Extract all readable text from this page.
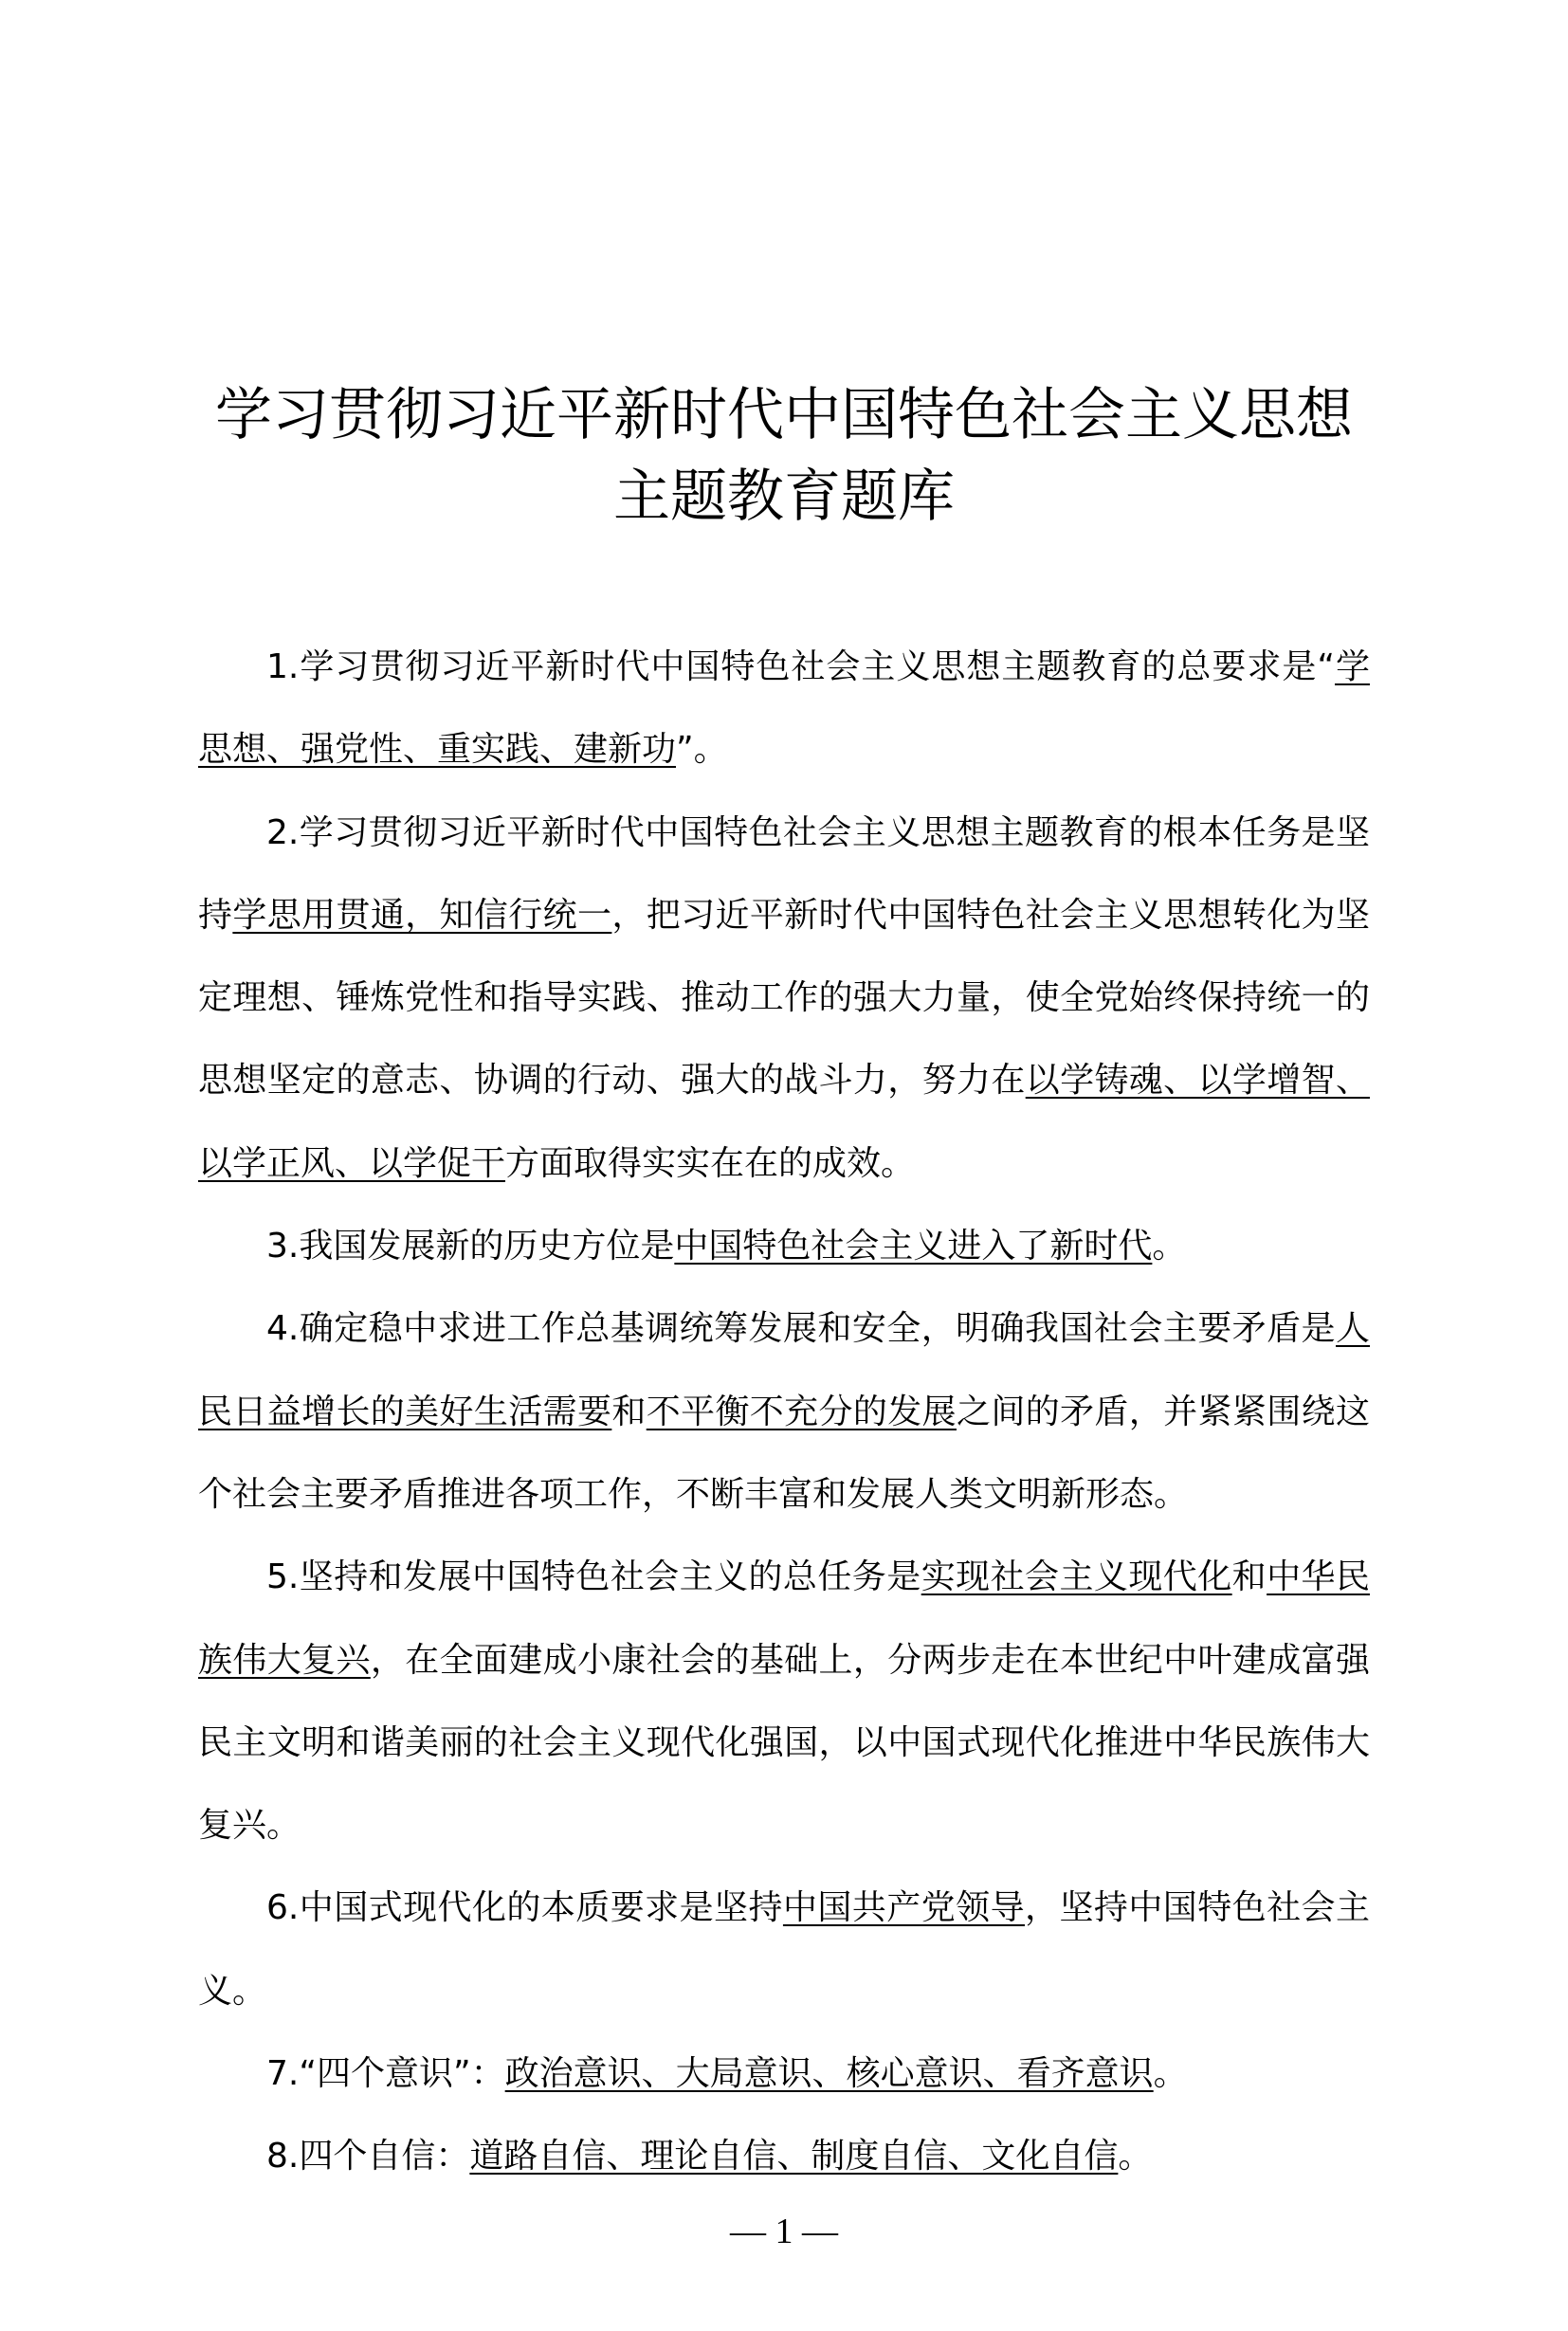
学习贯彻习近平新时代中国特色社会主义思想
主题教育题库

1.学习贯彻习近平新时代中国特色社会主义思想主题教育的总要求是“学思想、强党性、重实践、建新功”。

2.学习贯彻习近平新时代中国特色社会主义思想主题教育的根本任务是坚持学思用贯通，知信行统一，把习近平新时代中国特色社会主义思想转化为坚定理想、锤炼党性和指导实践、推动工作的强大力量，使全党始终保持统一的思想坚定的意志、协调的行动、强大的战斗力，努力在以学铸魂、以学增智、以学正风、以学促干方面取得实实在在的成效。

3.我国发展新的历史方位是中国特色社会主义进入了新时代。

4.确定稳中求进工作总基调统筹发展和安全，明确我国社会主要矛盾是人民日益增长的美好生活需要和不平衡不充分的发展之间的矛盾，并紧紧围绕这个社会主要矛盾推进各项工作，不断丰富和发展人类文明新形态。

5.坚持和发展中国特色社会主义的总任务是实现社会主义现代化和中华民族伟大复兴，在全面建成小康社会的基础上，分两步走在本世纪中叶建成富强民主文明和谐美丽的社会主义现代化强国，以中国式现代化推进中华民族伟大复兴。

6.中国式现代化的本质要求是坚持中国共产党领导，坚持中国特色社会主义。

7.“四个意识”：政治意识、大局意识、核心意识、看齐意识。

8.四个自信：道路自信、理论自信、制度自信、文化自信。

— 1 —
